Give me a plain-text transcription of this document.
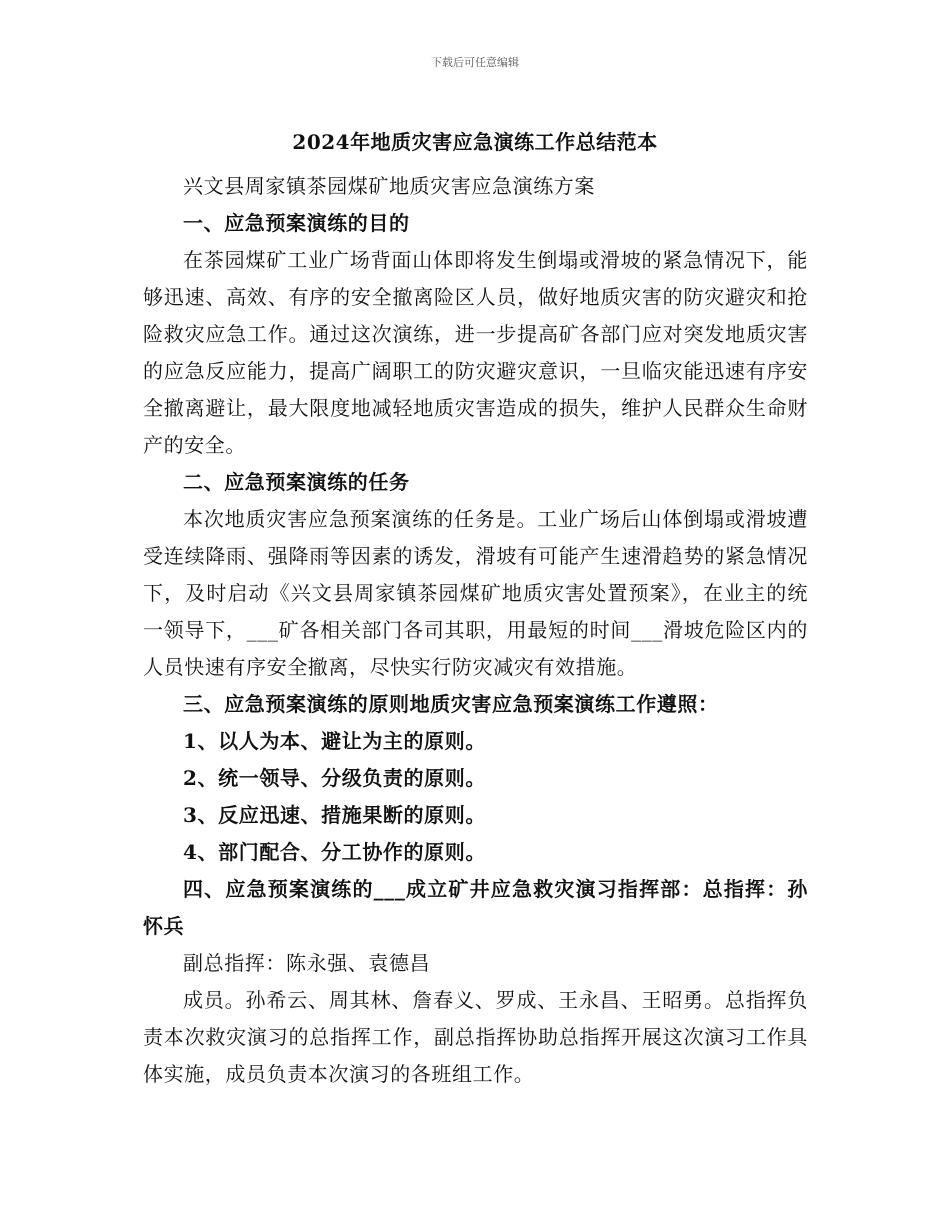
下载后可任意编辑
2024年地质灾害应急演练工作总结范本

兴文县周家镇茶园煤矿地质灾害应急演练方案

一、应急预案演练的目的

在茶园煤矿工业广场背面山体即将发生倒塌或滑坡的紧急情况下，能够迅速、高效、有序的安全撤离险区人员，做好地质灾害的防灾避灾和抢险救灾应急工作。通过这次演练，进一步提高矿各部门应对突发地质灾害的应急反应能力，提高广阔职工的防灾避灾意识，一旦临灾能迅速有序安全撤离避让，最大限度地减轻地质灾害造成的损失，维护人民群众生命财产的安全。

二、应急预案演练的任务

本次地质灾害应急预案演练的任务是。工业广场后山体倒塌或滑坡遭受连续降雨、强降雨等因素的诱发，滑坡有可能产生速滑趋势的紧急情况下，及时启动《兴文县周家镇茶园煤矿地质灾害处置预案》，在业主的统一领导下，___矿各相关部门各司其职，用最短的时间___滑坡危险区内的人员快速有序安全撤离，尽快实行防灾减灾有效措施。

三、应急预案演练的原则地质灾害应急预案演练工作遵照：

1、以人为本、避让为主的原则。

2、统一领导、分级负责的原则。

3、反应迅速、措施果断的原则。

4、部门配合、分工协作的原则。

四、应急预案演练的___成立矿井应急救灾演习指挥部：总指挥：孙怀兵

副总指挥：陈永强、袁德昌

成员。孙希云、周其林、詹春义、罗成、王永昌、王昭勇。总指挥负责本次救灾演习的总指挥工作，副总指挥协助总指挥开展这次演习工作具体实施，成员负责本次演习的各班组工作。
